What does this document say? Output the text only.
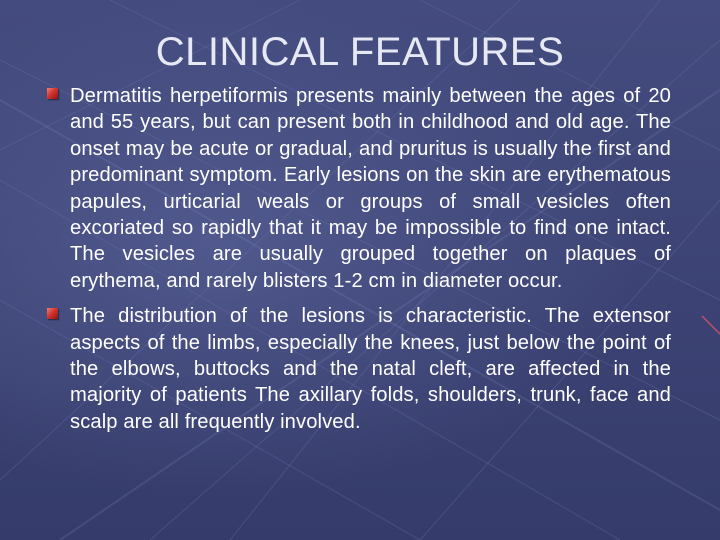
CLINICAL FEATURES
Dermatitis herpetiformis presents mainly between the ages of 20 and 55 years, but can present both in childhood and old age. The onset may be acute or gradual, and pruritus is usually the first and predominant symptom. Early lesions on the skin are erythematous papules, urticarial weals or groups of small vesicles often excoriated so rapidly that it may be impossible to find one intact. The vesicles are usually grouped together on plaques of erythema, and rarely blisters 1-2 cm in diameter occur.
The distribution of the lesions is characteristic. The extensor aspects of the limbs, especially the knees, just below the point of the elbows, buttocks and the natal cleft, are affected in the majority of patients The axillary folds, shoulders, trunk, face and scalp are all frequently involved.
